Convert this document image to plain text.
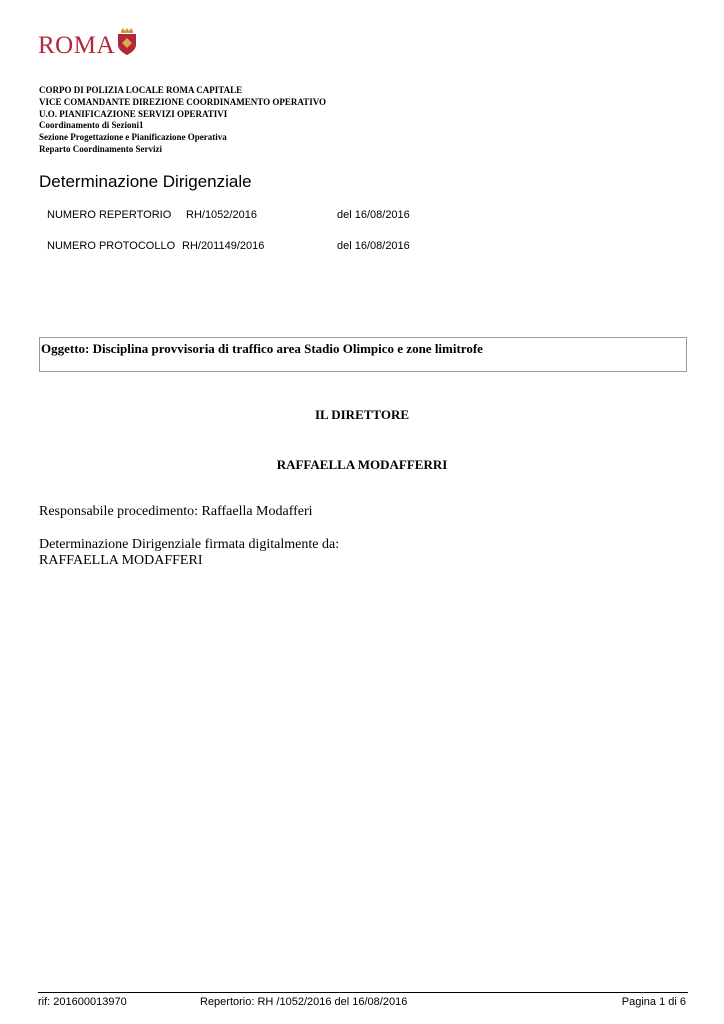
ROMA
CORPO DI POLIZIA LOCALE ROMA CAPITALE
VICE COMANDANTE DIREZIONE COORDINAMENTO OPERATIVO
U.O. PIANIFICAZIONE SERVIZI OPERATIVI
Coordinamento di Sezioni1
Sezione Progettazione e Pianificazione Operativa
Reparto Coordinamento Servizi
Determinazione Dirigenziale
NUMERO REPERTORIO RH/1052/2016	del 16/08/2016
NUMERO PROTOCOLLO RH/201149/2016	del 16/08/2016
Oggetto: Disciplina provvisoria di traffico area Stadio Olimpico e zone limitrofe
IL DIRETTORE
RAFFAELLA MODAFFERRI
Responsabile procedimento: Raffaella Modafferi
Determinazione Dirigenziale firmata digitalmente da:
RAFFAELLA MODAFFERI
rif: 201600013970	Repertorio: RH /1052/2016 del 16/08/2016	Pagina 1 di 6
